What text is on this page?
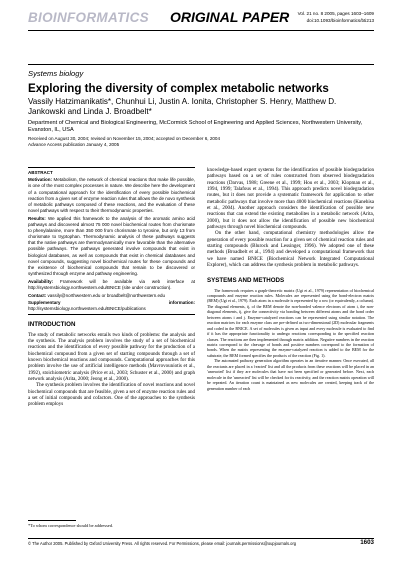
BIOINFORMATICS ORIGINAL PAPER Vol. 21 no. 8 2005, pages 1603–1609
doi:10.1093/bioinformatics/bti213
Systems biology
Exploring the diversity of complex metabolic networks
Vassily Hatzimanikatis*, Chunhui Li, Justin A. Ionita, Christopher S. Henry, Matthew D. Jankowski and Linda J. Broadbelt*
Department of Chemical and Biological Engineering, McCormick School of Engineering and Applied Sciences, Northwestern University, Evanston, IL, USA
Received on August 30, 2004; revised on November 15, 2004; accepted on December 6, 2004
Advance Access publication January 4, 2005

ABSTRACT

Motivation: Metabolism, the network of chemical reactions that make life possible, is one of the most complex processes in nature. We describe here the development of a computational approach for the identification of every possible biochemical reaction from a given set of enzyme reaction rules that allows the de novo synthesis of metabolic pathways composed of these reactions, and the evaluation of these novel pathways with respect to their thermodynamic properties.

Results: We applied this framework to the analysis of the aromatic amino acid pathways and discovered almost 75 000 novel biochemical routes from chorismate to phenylalanine, more than 350 000 from chorismate to tyrosine, but only 13 from chorismate to tryptophan. Thermodynamic analysis of these pathways suggests that the native pathways are thermodynamically more favorable than the alternative possible pathways. The pathways generated involve compounds that exist in biological databases, as well as compounds that exist in chemical databases and novel compounds, suggesting novel biochemical routes for these compounds and the existence of biochemical compounds that remain to be discovered or synthesized through enzyme and pathway engineering.

Availability: Framework will be available via web interface at http://systemsbiology.northwestern.edu/BNICE (site under construction).

Contact: vassily@northwestern.edu or broadbelt@northwestern.edu

Supplementary information: http://systemsbiology.northwestern.edu/BNICE/publications

INTRODUCTION

The study of metabolic networks entails two kinds of problems: the analysis and the synthesis. The analysis problem involves the study of a set of biochemical reactions and the identification of every possible pathway for the production of a biochemical compound from a given set of starting compounds through a set of known biochemical reactions and compounds. Computational approaches for this problem involve the use of artificial intelligence methods (Mavrovouniotis et al., 1992), stoichiometric analysis (Price et al., 2003; Schuster et al., 2000) and graph network analysis (Arita, 2000; Jeong et al., 2000).

The synthesis problem involves the identification of novel reactions and novel biochemical compounds that are feasible, given a set of enzyme reaction rules and a set of initial compounds and cofactors. One of the approaches to the synthesis problem employs

knowledge-based expert systems for the identification of possible biodegradation pathways based on a set of rules constructed from observed biodegradation reactions (Darvas, 1988; Greene et al., 1999; Hou et al., 2003; Klopman et al., 1994, 1999; Talafous et al., 1994). This approach predicts novel biodegradation routes, but it does not provide a systematic framework for application to other metabolic pathways that involve more than 4000 biochemical reactions (Kanehisa et al., 2004). Another approach considers the identification of possible new reactions that can extend the existing metabolites in a metabolic network (Arita, 2000), but it does not allow the identification of possible new biochemical pathways through novel biochemical compounds.

On the other hand, computational chemistry methodologies allow the generation of every possible reaction for a given set of chemical reaction rules and starting compounds (Blurock and Lessinger, 1996). We adopted one of these methods (Broadbelt et al., 1994) and developed a computational framework that we have named BNICE (Biochemical Network Integrated Computational Explorer), which can address the synthesis problem in metabolic pathways.

SYSTEMS AND METHODS

The framework requires a graph-theoretic matrix (Ugi et al., 1979) representation of biochemical compounds and enzyme reaction rules. Molecules are represented using the bond-electron matrix (BEM) (Ugi et al., 1979). Each atom in a molecule is represented by a row (or equivalently, a column). The diagonal elements, ij, of the BEM denote the non-bonded valence electrons of atom i, the non-diagonal elements, ij, give the connectivity via bonding between different atoms and the bond order between atoms i and j. Enzyme-catalyzed reactions can be represented using similar notation. The reaction matrices for each enzyme class are pre-defined as two-dimensional (2D) molecular fragments and coded in the BNICE. A set of molecules is given as input and every molecule is evaluated to find if it has the appropriate functionality to undergo reactions corresponding to the specified reaction classes. The reactions are then implemented through matrix addition. Negative numbers in the reaction matrix correspond to the cleavage of bonds and positive numbers correspond to the formation of bonds. When the matrix representing the enzyme-catalyzed reaction is added to the BEM for the substrate, the BEM formed specifies the products of the reaction (Fig. 1).

The automated pathway generation algorithm operates in an iterative manner. Once executed, all the reactants are placed in a 'reacted' list and all the products from these reactions will be placed in an 'unreacted' list if they are molecules that have not been specified or generated before. Next, each molecule in the 'unreacted' list will be checked for its reactivity, and the reaction matrix operation will be repeated. An iteration count is maintained as new molecules are created, keeping track of the generation number of each

*To whom correspondence should be addressed.
© The Author 2005. Published by Oxford University Press. All rights reserved. For Permissions, please email: journals.permissions@oupjournals.org	1603
